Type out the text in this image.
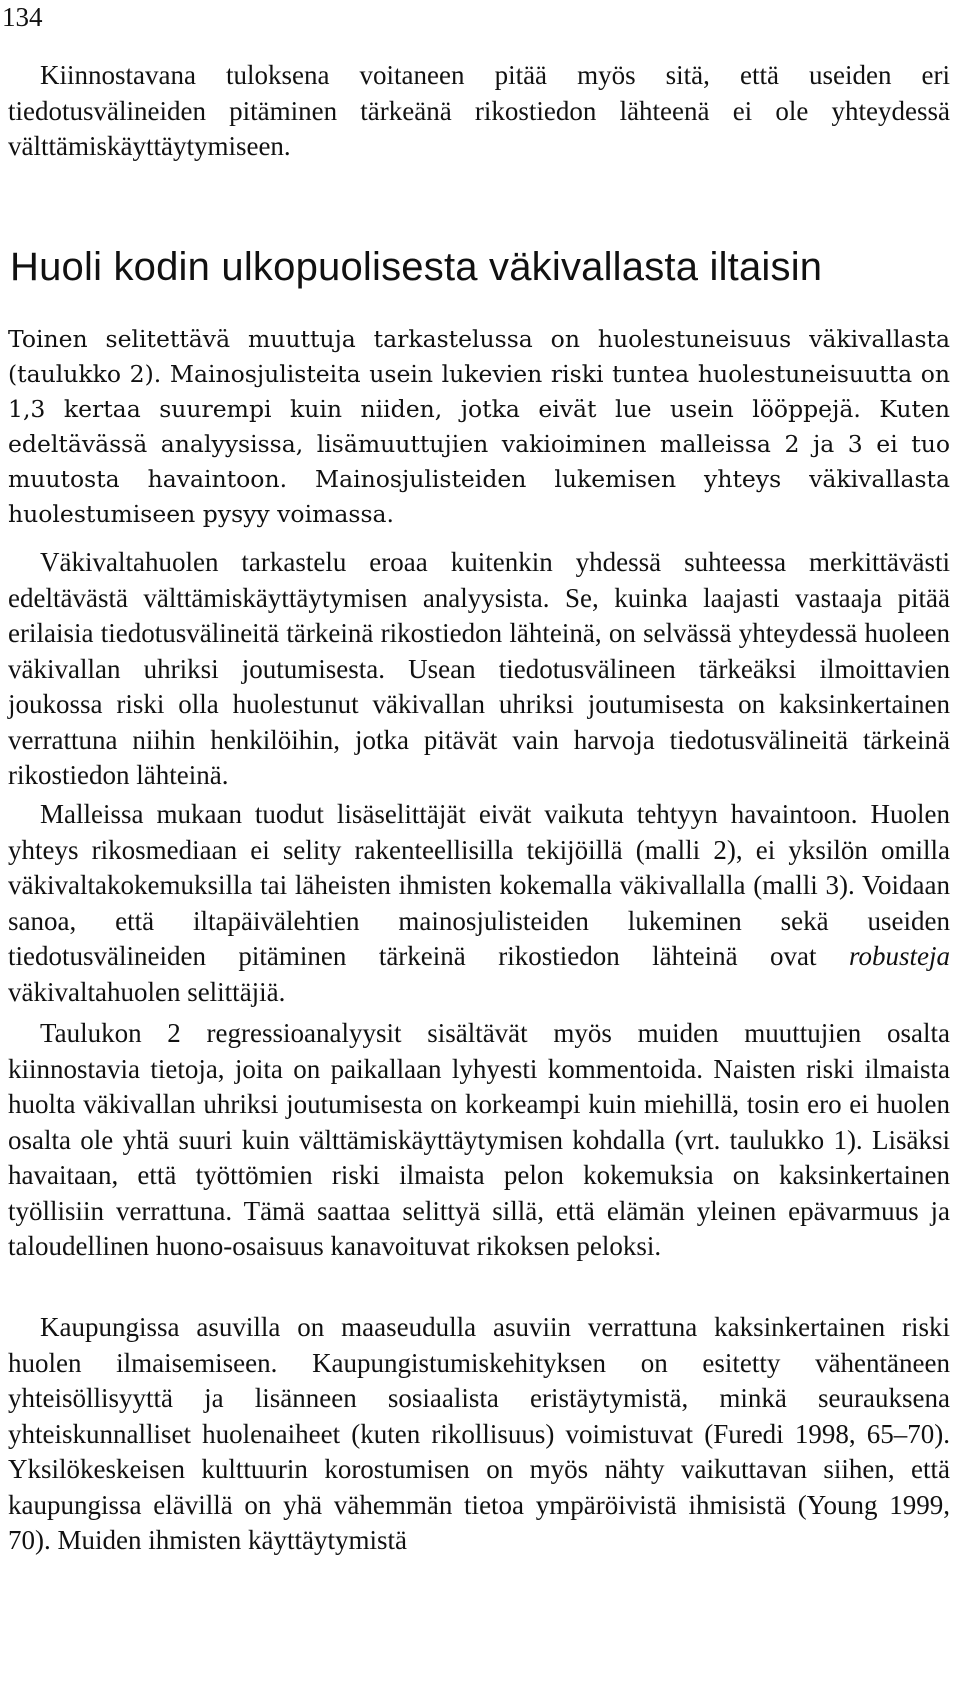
134

Kiinnostavana tuloksena voitaneen pitää myös sitä, että useiden eri tiedotusvälineiden pitäminen tärkeänä rikostiedon lähteenä ei ole yhteydessä välttämiskäyttäytymiseen.

Huoli kodin ulkopuolisesta väkivallasta iltaisin

Toinen selitettävä muuttuja tarkastelussa on huolestuneisuus väkivallasta (taulukko 2). Mainosjulisteita usein lukevien riski tuntea huolestuneisuutta on 1,3 kertaa suurempi kuin niiden, jotka eivät lue usein lööppejä. Kuten edeltävässä analyysissa, lisämuuttujien vakioiminen malleissa 2 ja 3 ei tuo muutosta havaintoon. Mainosjulisteiden lukemisen yhteys väkivallasta huolestumiseen pysyy voimassa.

Väkivaltahuolen tarkastelu eroaa kuitenkin yhdessä suhteessa merkittävästi edeltävästä välttämiskäyttäytymisen analyysista. Se, kuinka laajasti vastaaja pitää erilaisia tiedotusvälineitä tärkeinä rikostiedon lähteinä, on selvässä yhteydessä huoleen väkivallan uhriksi joutumisesta. Usean tiedotusvälineen tärkeäksi ilmoittavien joukossa riski olla huolestunut väkivallan uhriksi joutumisesta on kaksinkertainen verrattuna niihin henkilöihin, jotka pitävät vain harvoja tiedotusvälineitä tärkeinä rikostiedon lähteinä.

Malleissa mukaan tuodut lisäselittäjät eivät vaikuta tehtyyn havaintoon. Huolen yhteys rikosmediaan ei selity rakenteellisilla tekijöillä (malli 2), ei yksilön omilla väkivaltakokemuksilla tai läheisten ihmisten kokemalla väkivallalla (malli 3). Voidaan sanoa, että iltapäivälehtien mainosjulisteiden lukeminen sekä useiden tiedotusvälineiden pitäminen tärkeinä rikostiedon lähteinä ovat robusteja väkivaltahuolen selittäjiä.

Taulukon 2 regressioanalyysit sisältävät myös muiden muuttujien osalta kiinnostavia tietoja, joita on paikallaan lyhyesti kommentoida. Naisten riski ilmaista huolta väkivallan uhriksi joutumisesta on korkeampi kuin miehillä, tosin ero ei huolen osalta ole yhtä suuri kuin välttämiskäyttäytymisen kohdalla (vrt. taulukko 1). Lisäksi havaitaan, että työttömien riski ilmaista pelon kokemuksia on kaksinkertainen työllisiin verrattuna. Tämä saattaa selittyä sillä, että elämän yleinen epävarmuus ja taloudellinen huono-osaisuus kanavoituvat rikoksen peloksi.

Kaupungissa asuvilla on maaseudulla asuviin verrattuna kaksinkertainen riski huolen ilmaisemiseen. Kaupungistumiskehityksen on esitetty vähentäneen yhteisöllisyyttä ja lisänneen sosiaalista eristäytymistä, minkä seurauksena yhteiskunnalliset huolenaiheet (kuten rikollisuus) voimistuvat (Furedi 1998, 65–70). Yksilökeskeisen kulttuurin korostumisen on myös nähty vaikuttavan siihen, että kaupungissa elävillä on yhä vähemmän tietoa ympäröivistä ihmisistä (Young 1999, 70). Muiden ihmisten käyttäytymistä
